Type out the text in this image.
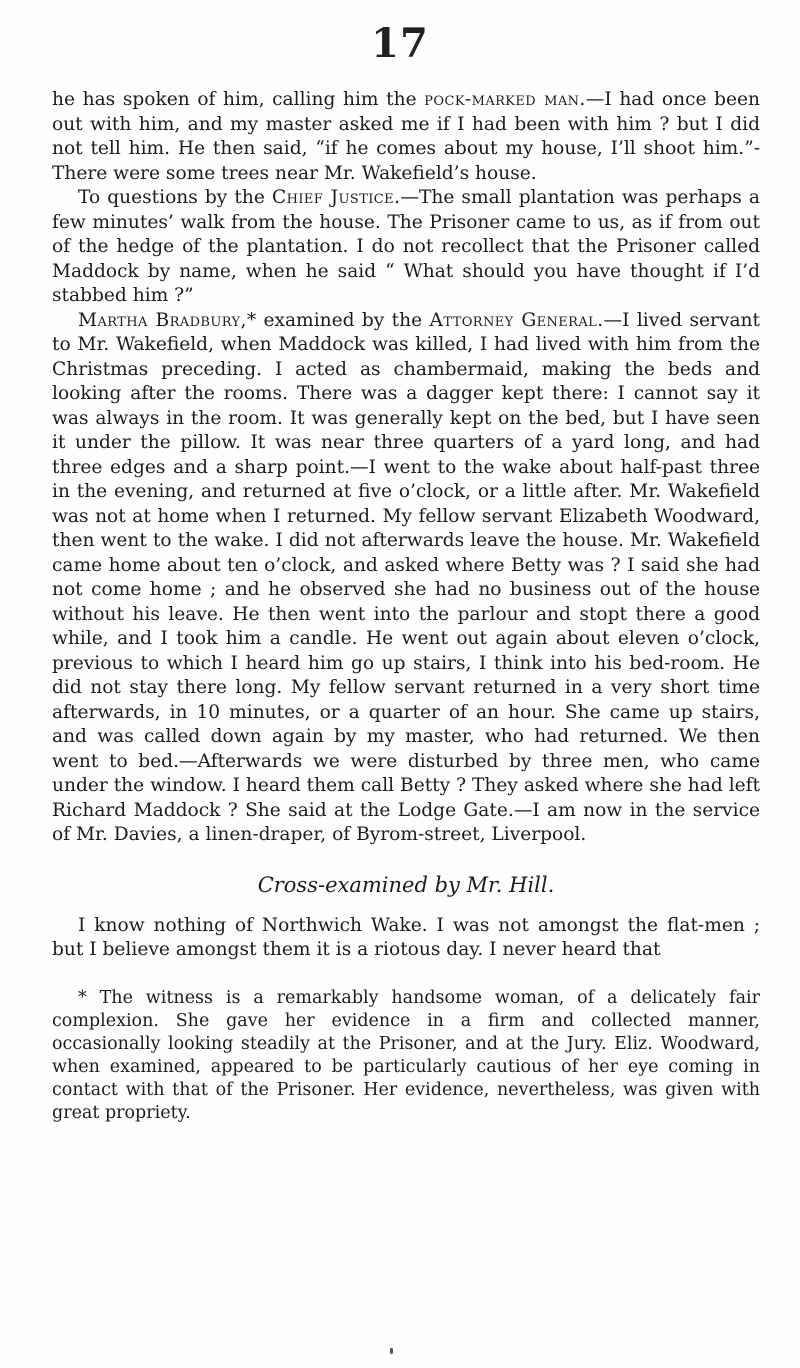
17

he has spoken of him, calling him the pock-marked man.—I had once been out with him, and my master asked me if I had been with him ? but I did not tell him. He then said, “if he comes about my house, I’ll shoot him.”-There were some trees near Mr. Wakefield’s house.

To questions by the Chief Justice.—The small plantation was perhaps a few minutes’ walk from the house. The Prisoner came to us, as if from out of the hedge of the plantation. I do not recollect that the Prisoner called Maddock by name, when he said “ What should you have thought if I’d stabbed him ?”

Martha Bradbury,* examined by the Attorney General.—I lived servant to Mr. Wakefield, when Maddock was killed, I had lived with him from the Christmas preceding. I acted as chambermaid, making the beds and looking after the rooms. There was a dagger kept there: I cannot say it was always in the room. It was generally kept on the bed, but I have seen it under the pillow. It was near three quarters of a yard long, and had three edges and a sharp point.—I went to the wake about half-past three in the evening, and returned at five o’clock, or a little after. Mr. Wakefield was not at home when I returned. My fellow servant Elizabeth Woodward, then went to the wake. I did not afterwards leave the house. Mr. Wakefield came home about ten o’clock, and asked where Betty was ? I said she had not come home ; and he observed she had no business out of the house without his leave. He then went into the parlour and stopt there a good while, and I took him a candle. He went out again about eleven o’clock, previous to which I heard him go up stairs, I think into his bed-room. He did not stay there long. My fellow servant returned in a very short time afterwards, in 10 minutes, or a quarter of an hour. She came up stairs, and was called down again by my master, who had returned. We then went to bed.—Afterwards we were disturbed by three men, who came under the window. I heard them call Betty ? They asked where she had left Richard Maddock ? She said at the Lodge Gate.—I am now in the service of Mr. Davies, a linen-draper, of Byrom-street, Liverpool.

Cross-examined by Mr. Hill.

I know nothing of Northwich Wake. I was not amongst the flat-men ; but I believe amongst them it is a riotous day. I never heard that

* The witness is a remarkably handsome woman, of a delicately fair complexion. She gave her evidence in a firm and collected manner, occasionally looking steadily at the Prisoner, and at the Jury. Eliz. Woodward, when examined, appeared to be particularly cautious of her eye coming in contact with that of the Prisoner. Her evidence, nevertheless, was given with great propriety.
